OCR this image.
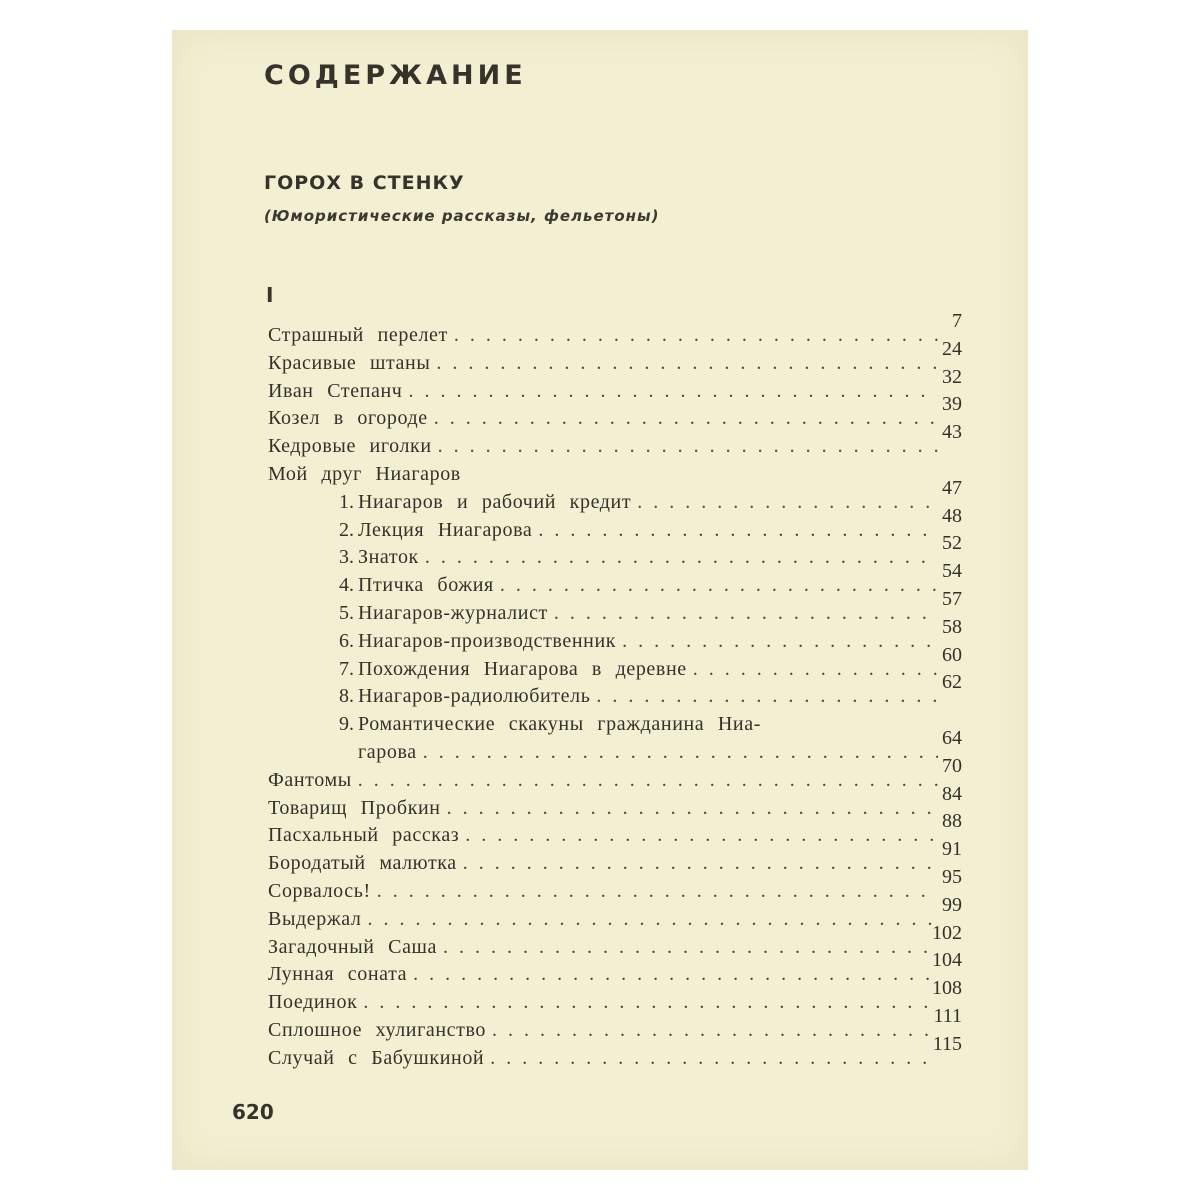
СОДЕРЖАНИЕ
ГОРОХ В СТЕНКУ
(Юмористические рассказы, фельетоны)
I
Страшный перелет
. . .
7
Красивые штаны
. . .
24
Иван Степанч
. . .
32
Козел в огороде
. . .
39
Кедровые иголки
. . .
43
Мой друг Ниагаров
1. Ниагаров и рабочий кредит
. . .
47
2. Лекция Ниагарова
. . .
48
3. Знаток
. . .
52
4. Птичка божия
. . .
54
5. Ниагаров-журналист
. . .
57
6. Ниагаров-производственник
. . .
58
7. Похождения Ниагарова в деревне
. . .
60
8. Ниагаров-радиолюбитель
. . .
62
9. Романтические скакуны гражданина Ниа-
гарова
. . .
64
Фантомы
. . .
70
Товарищ Пробкин
. . .
84
Пасхальный рассказ
. . .
88
Бородатый малютка
. . .
91
Сорвалось!
. . .
95
Выдержал
. . .
99
Загадочный Саша
. . .
102
Лунная соната
. . .
104
Поединок
. . .
108
Сплошное хулиганство
. . .
111
Случай с Бабушкиной
. . .
115
620
